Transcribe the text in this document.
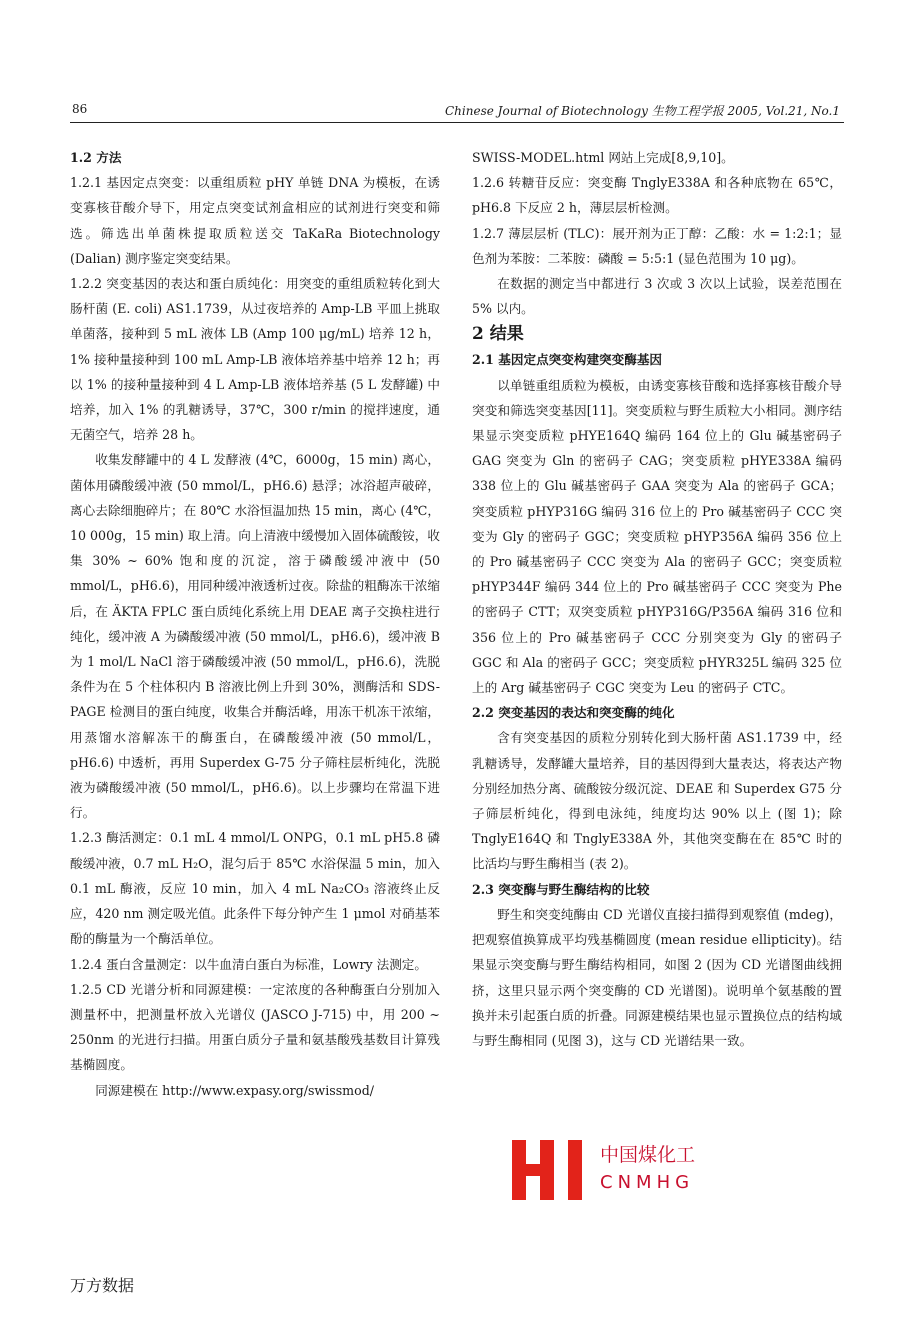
86	Chinese Journal of Biotechnology 生物工程学报 2005, Vol.21, No.1

1.2 方法

1.2.1 基因定点突变：以重组质粒 pHY 单链 DNA 为模板，在诱变寡核苷酸介导下，用定点突变试剂盒相应的试剂进行突变和筛选。筛选出单菌株提取质粒送交 TaKaRa Biotechnology (Dalian) 测序鉴定突变结果。

1.2.2 突变基因的表达和蛋白质纯化：用突变的重组质粒转化到大肠杆菌 (E. coli) AS1.1739，从过夜培养的 Amp-LB 平皿上挑取单菌落，接种到 5 mL 液体 LB (Amp 100 μg/mL) 培养 12 h，1% 接种量接种到 100 mL Amp-LB 液体培养基中培养 12 h；再以 1% 的接种量接种到 4 L Amp-LB 液体培养基 (5 L 发酵罐) 中培养，加入 1% 的乳糖诱导，37℃，300 r/min 的搅拌速度，通无菌空气，培养 28 h。

收集发酵罐中的 4 L 发酵液 (4℃，6000g，15 min) 离心，菌体用磷酸缓冲液 (50 mmol/L，pH6.6) 悬浮；冰浴超声破碎，离心去除细胞碎片；在 80℃ 水浴恒温加热 15 min，离心 (4℃，10 000g，15 min) 取上清。向上清液中缓慢加入固体硫酸铵，收集 30% ~ 60% 饱和度的沉淀，溶于磷酸缓冲液中 (50 mmol/L，pH6.6)，用同种缓冲液透析过夜。除盐的粗酶冻干浓缩后，在 ÄKTA FPLC 蛋白质纯化系统上用 DEAE 离子交换柱进行纯化，缓冲液 A 为磷酸缓冲液 (50 mmol/L，pH6.6)，缓冲液 B 为 1 mol/L NaCl 溶于磷酸缓冲液 (50 mmol/L，pH6.6)，洗脱条件为在 5 个柱体积内 B 溶液比例上升到 30%，测酶活和 SDS-PAGE 检测目的蛋白纯度，收集合并酶活峰，用冻干机冻干浓缩，用蒸馏水溶解冻干的酶蛋白，在磷酸缓冲液 (50 mmol/L，pH6.6) 中透析，再用 Superdex G-75 分子筛柱层析纯化，洗脱液为磷酸缓冲液 (50 mmol/L，pH6.6)。以上步骤均在常温下进行。

1.2.3 酶活测定：0.1 mL 4 mmol/L ONPG，0.1 mL pH5.8 磷酸缓冲液，0.7 mL H₂O，混匀后于 85℃ 水浴保温 5 min，加入 0.1 mL 酶液，反应 10 min，加入 4 mL Na₂CO₃ 溶液终止反应，420 nm 测定吸光值。此条件下每分钟产生 1 μmol 对硝基苯酚的酶量为一个酶活单位。

1.2.4 蛋白含量测定：以牛血清白蛋白为标准，Lowry 法测定。

1.2.5 CD 光谱分析和同源建模：一定浓度的各种酶蛋白分别加入测量杯中，把测量杯放入光谱仪 (JASCO J-715) 中，用 200 ~ 250nm 的光进行扫描。用蛋白质分子量和氨基酸残基数目计算残基椭圆度。

同源建模在 http://www.expasy.org/swissmod/

SWISS-MODEL.html 网站上完成[8,9,10]。

1.2.6 转糖苷反应：突变酶 TnglyE338A 和各种底物在 65℃，pH6.8 下反应 2 h，薄层层析检测。

1.2.7 薄层层析 (TLC)：展开剂为正丁醇：乙酸：水 = 1:2:1；显色剂为苯胺：二苯胺：磷酸 = 5:5:1 (显色范围为 10 μg)。

在数据的测定当中都进行 3 次或 3 次以上试验，误差范围在 5% 以内。

2 结果

2.1 基因定点突变构建突变酶基因

以单链重组质粒为模板，由诱变寡核苷酸和选择寡核苷酸介导突变和筛选突变基因[11]。突变质粒与野生质粒大小相同。测序结果显示突变质粒 pHYE164Q 编码 164 位上的 Glu 碱基密码子 GAG 突变为 Gln 的密码子 CAG；突变质粒 pHYE338A 编码 338 位上的 Glu 碱基密码子 GAA 突变为 Ala 的密码子 GCA；突变质粒 pHYP316G 编码 316 位上的 Pro 碱基密码子 CCC 突变为 Gly 的密码子 GGC；突变质粒 pHYP356A 编码 356 位上的 Pro 碱基密码子 CCC 突变为 Ala 的密码子 GCC；突变质粒 pHYP344F 编码 344 位上的 Pro 碱基密码子 CCC 突变为 Phe 的密码子 CTT；双突变质粒 pHYP316G/P356A 编码 316 位和 356 位上的 Pro 碱基密码子 CCC 分别突变为 Gly 的密码子 GGC 和 Ala 的密码子 GCC；突变质粒 pHYR325L 编码 325 位上的 Arg 碱基密码子 CGC 突变为 Leu 的密码子 CTC。

2.2 突变基因的表达和突变酶的纯化

含有突变基因的质粒分别转化到大肠杆菌 AS1.1739 中，经乳糖诱导，发酵罐大量培养，目的基因得到大量表达，将表达产物分别经加热分离、硫酸铵分级沉淀、DEAE 和 Superdex G75 分子筛层析纯化，得到电泳纯，纯度均达 90% 以上 (图 1)；除 TnglyE164Q 和 TnglyE338A 外，其他突变酶在在 85℃ 时的比活均与野生酶相当 (表 2)。

2.3 突变酶与野生酶结构的比较

野生和突变纯酶由 CD 光谱仪直接扫描得到观察值 (mdeg)，把观察值换算成平均残基椭圆度 (mean residue ellipticity)。结果显示突变酶与野生酶结构相同，如图 2 (因为 CD 光谱图曲线拥挤，这里只显示两个突变酶的 CD 光谱图)。说明单个氨基酸的置换并未引起蛋白质的折叠。同源建模结果也显示置换位点的结构域与野生酶相同 (见图 3)，这与 CD 光谱结果一致。

中国煤化工
CNMHG
万方数据
